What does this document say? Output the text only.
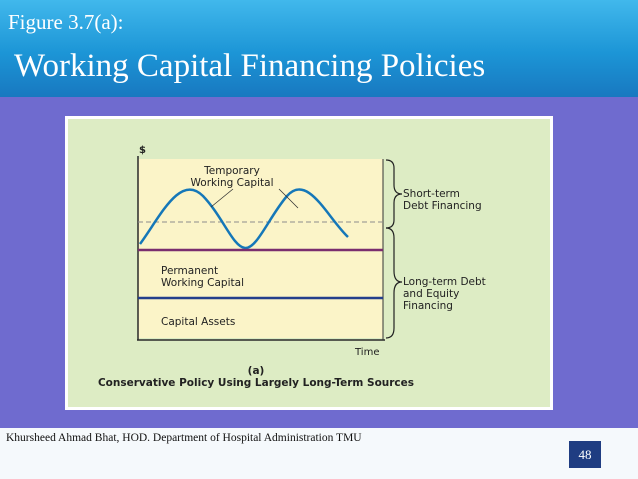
Figure 3.7(a):
Working Capital Financing Policies
$
Temporary
Working Capital
Permanent
Working Capital
Capital Assets
Short-term
Debt Financing
Long-term Debt
and Equity
Financing
Time
(a)
Conservative Policy Using Largely Long-Term Sources
Khursheed Ahmad Bhat, HOD. Department of Hospital Administration TMU
48
